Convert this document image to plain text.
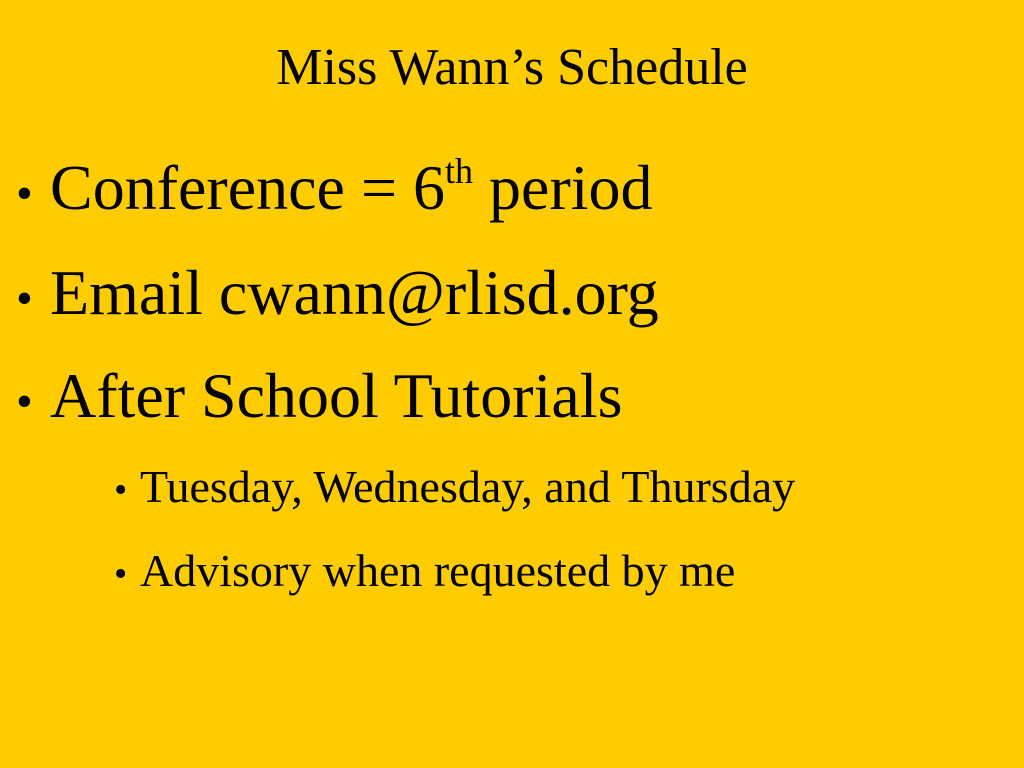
Miss Wann’s Schedule
• Conference = 6th period
• Email cwann@rlisd.org
• After School Tutorials
• Tuesday, Wednesday, and Thursday
• Advisory when requested by me
